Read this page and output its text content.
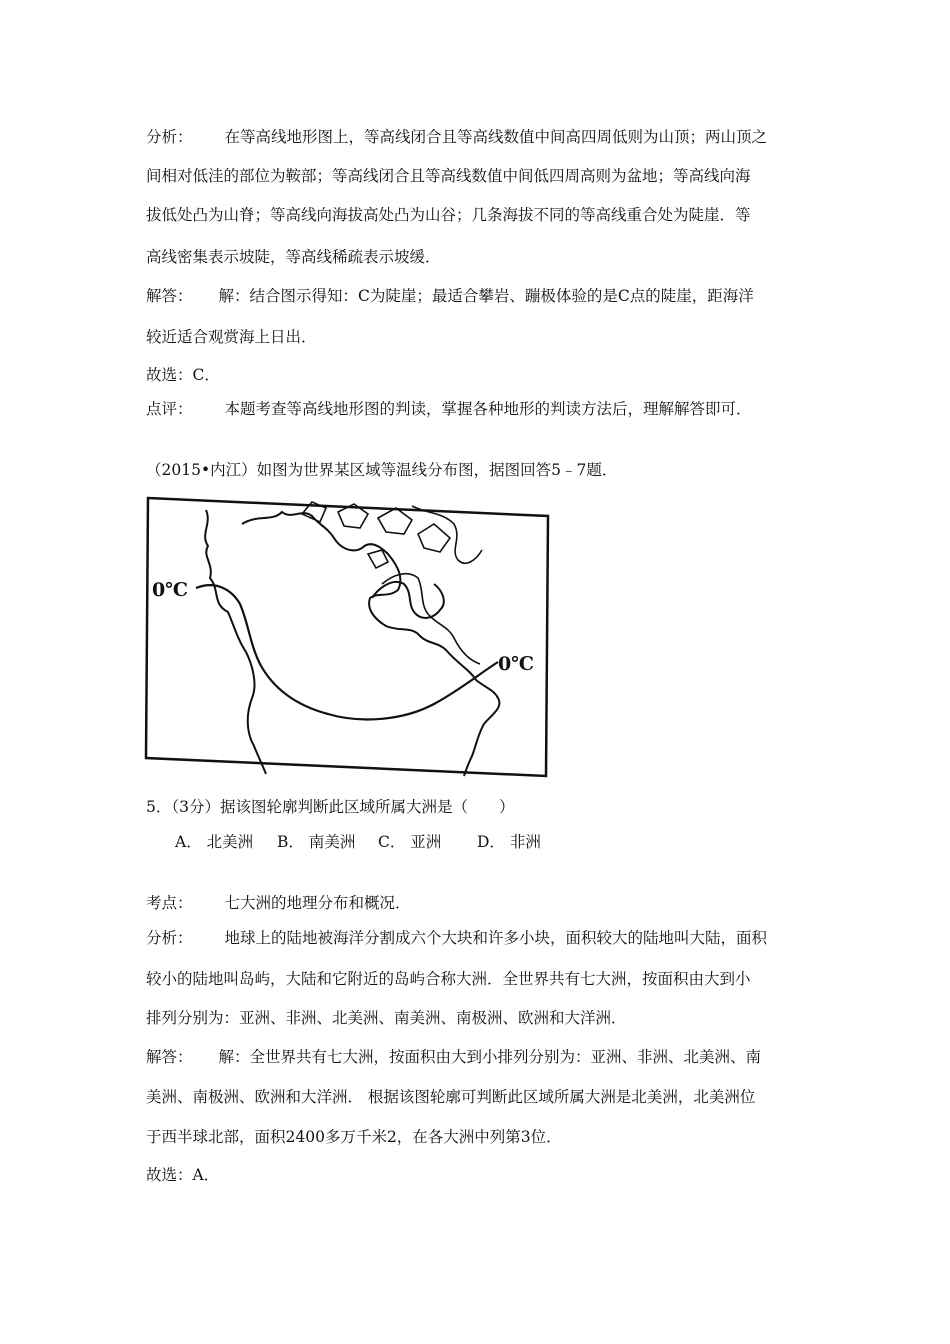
分析： 在等高线地形图上，等高线闭合且等高线数值中间高四周低则为山顶；两山顶之
间相对低洼的部位为鞍部；等高线闭合且等高线数值中间低四周高则为盆地；等高线向海
拔低处凸为山脊；等高线向海拔高处凸为山谷；几条海拔不同的等高线重合处为陡崖．等
高线密集表示坡陡，等高线稀疏表示坡缓．
解答： 解：结合图示得知：C为陡崖；最适合攀岩、蹦极体验的是C点的陡崖，距海洋
较近适合观赏海上日出．
故选：C．
点评： 本题考查等高线地形图的判读，掌握各种地形的判读方法后，理解解答即可．
（2015•内江）如图为世界某区域等温线分布图，据图回答5﹣7题．
0℃
0℃
5．（3分）据该图轮廓判断此区域所属大洲是（　　）
A． 北美洲 B． 南美洲 C． 亚洲 D． 非洲
考点： 七大洲的地理分布和概况．
分析： 地球上的陆地被海洋分割成六个大块和许多小块，面积较大的陆地叫大陆，面积
较小的陆地叫岛屿，大陆和它附近的岛屿合称大洲．全世界共有七大洲，按面积由大到小
排列分别为：亚洲、非洲、北美洲、南美洲、南极洲、欧洲和大洋洲．
解答： 解：全世界共有七大洲，按面积由大到小排列分别为：亚洲、非洲、北美洲、南
美洲、南极洲、欧洲和大洋洲． 根据该图轮廓可判断此区域所属大洲是北美洲，北美洲位
于西半球北部，面积2400多万千米2，在各大洲中列第3位．
故选：A．
